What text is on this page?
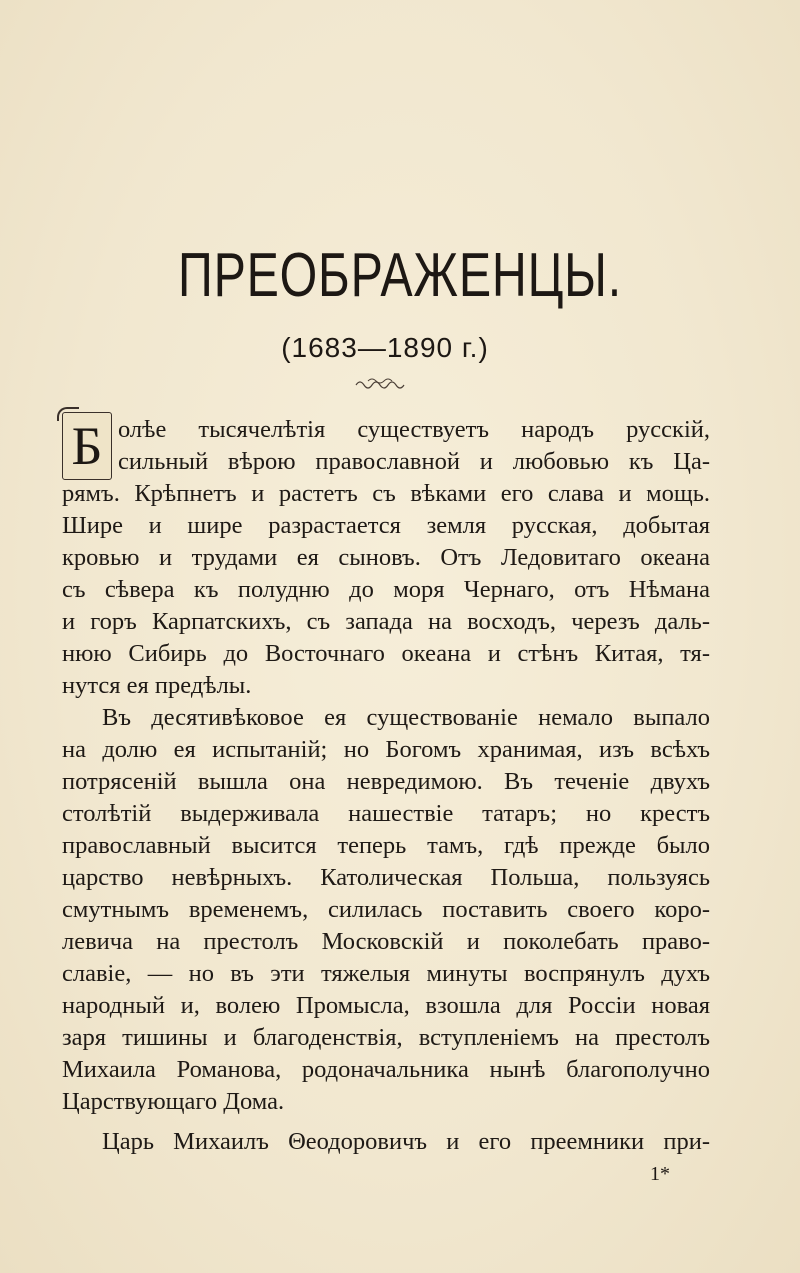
ПРЕОБРАЖЕНЦЫ.
(1683—1890 г.)
Б олѣе тысячелѣтія существуетъ народъ русскій,
сильный вѣрою православной и любовью къ Ца-
рямъ. Крѣпнетъ и растетъ съ вѣками его слава и мощь.
Шире и шире разрастается земля русская, добытая
кровью и трудами ея сыновъ. Отъ Ледовитаго океана
съ сѣвера къ полудню до моря Чернаго, отъ Нѣмана
и горъ Карпатскихъ, съ запада на восходъ, черезъ даль-
нюю Сибирь до Восточнаго океана и стѣнъ Китая, тя-
нутся ея предѣлы.
Въ десятивѣковое ея существованіе немало выпало
на долю ея испытаній; но Богомъ хранимая, изъ всѣхъ
потрясеній вышла она невредимою. Въ теченіе двухъ
столѣтій выдерживала нашествіе татаръ; но крестъ
православный высится теперь тамъ, гдѣ прежде было
царство невѣрныхъ. Католическая Польша, пользуясь
смутнымъ временемъ, силилась поставить своего коро-
левича на престолъ Московскій и поколебать право-
славіе, — но въ эти тяжелыя минуты воспрянулъ духъ
народный и, волею Промысла, взошла для Россіи новая
заря тишины и благоденствія, вступленіемъ на престолъ
Михаила Романова, родоначальника нынѣ благополучно
Царствующаго Дома.
Царь Михаилъ Θеодоровичъ и его преемники при-
1*
